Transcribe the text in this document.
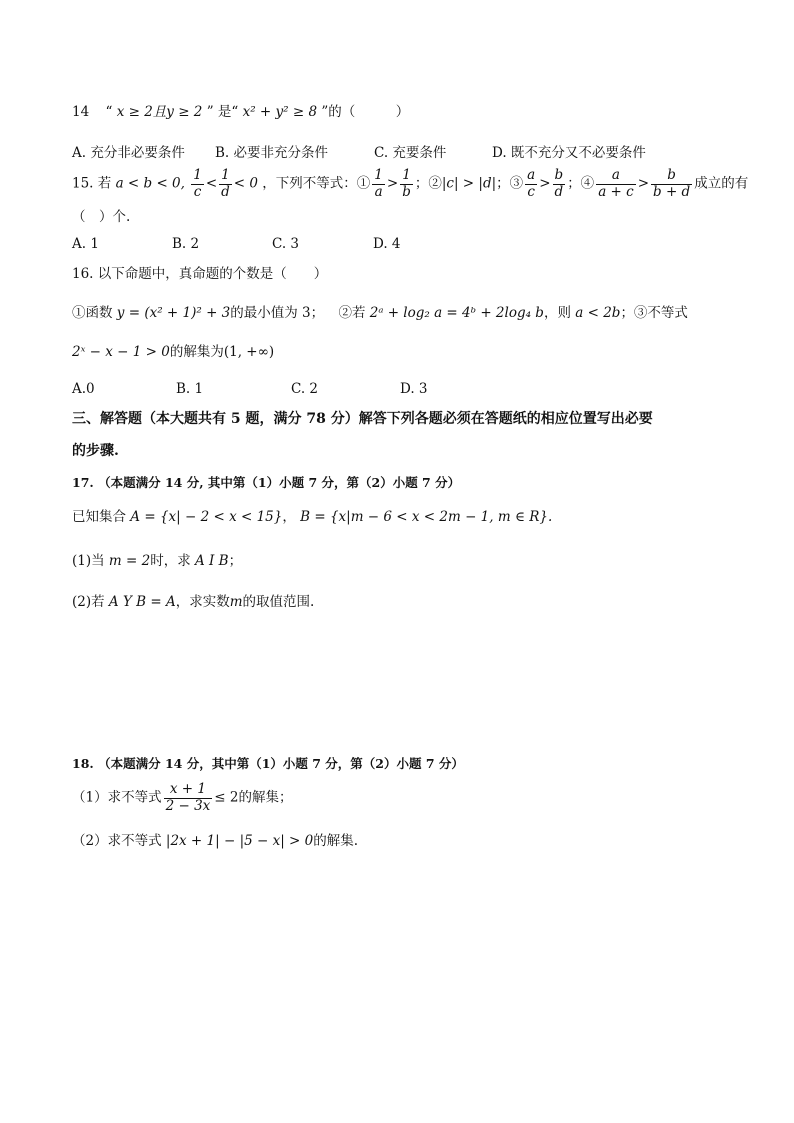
14 “ x ≥ 2且y ≥ 2 ” 是“ x² + y² ≥ 8 ”的（　　　）
A. 充分非必要条件 B. 必要非充分条件	C. 充要条件	D. 既不充分又不必要条件
15. 若 a < b < 0, $\frac{1}{c} < \frac{1}{d} < 0$ ，下列不等式：① $\frac{1}{a} > \frac{1}{b}$ ；②|c| > |d|；③ $\frac{a}{c} > \frac{b}{d}$ ；④ $\frac{a}{a + c} > \frac{b}{b + d}$ 成立的有
（　）个.
A. 1	B. 2	C. 3	D. 4
16. 以下命题中，真命题的个数是（　　）
①函数 y = (x² + 1)² + 3的最小值为 3； ②若 2ᵃ + log₂ a = 4ᵇ + 2log₄ b，则 a < 2b；③不等式
2ˣ − x − 1 > 0的解集为(1, +∞)
A.0	B. 1	C. 2	D. 3
三、解答题（本大题共有 5 题，满分 78 分）解答下列各题必须在答题纸的相应位置写出必要
的步骤.
17. （本题满分 14 分, 其中第（1）小题 7 分，第（2）小题 7 分）
已知集合 A = {x| − 2 < x < 15}， B = {x|m − 6 < x < 2m − 1, m ∈ R}.
(1)当 m = 2时，求 A I B；
(2)若 A Y B = A，求实数m的取值范围.
18. （本题满分 14 分，其中第（1）小题 7 分，第（2）小题 7 分）
（1）求不等式 $\frac{x + 1}{2 - 3x} \le 2$的解集；
（2）求不等式 |2x + 1| − |5 − x| > 0的解集.
